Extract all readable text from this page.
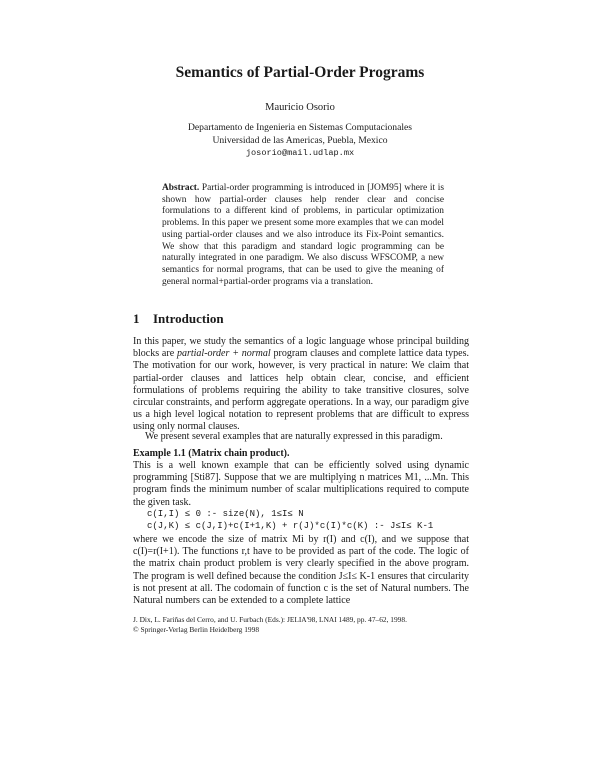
Semantics of Partial-Order Programs
Mauricio Osorio
Departamento de Ingenieria en Sistemas Computacionales
Universidad de las Americas, Puebla, Mexico
josorio@mail.udlap.mx
Abstract. Partial-order programming is introduced in [JOM95] where it is shown how partial-order clauses help render clear and concise formulations to a different kind of problems, in particular optimization problems. In this paper we present some more examples that we can model using partial-order clauses and we also introduce its Fix-Point semantics. We show that this paradigm and standard logic programming can be naturally integrated in one paradigm. We also discuss WFSCOMP, a new semantics for normal programs, that can be used to give the meaning of general normal+partial-order programs via a translation.
1 Introduction
In this paper, we study the semantics of a logic language whose principal building blocks are partial-order + normal program clauses and complete lattice data types. The motivation for our work, however, is very practical in nature: We claim that partial-order clauses and lattices help obtain clear, concise, and efficient formulations of problems requiring the ability to take transitive closures, solve circular constraints, and perform aggregate operations. In a way, our paradigm give us a high level logical notation to represent problems that are difficult to express using only normal clauses.
We present several examples that are naturally expressed in this paradigm.
Example 1.1 (Matrix chain product).
This is a well known example that can be efficiently solved using dynamic programming [Sti87]. Suppose that we are multiplying n matrices M1, ...Mn. This program finds the minimum number of scalar multiplications required to compute the given task.
c(I,I) ≤ 0 :- size(N), 1≤I≤ N
c(J,K) ≤ c(J,I)+c(I+1,K) + r(J)*c(I)*c(K) :- J≤I≤ K-1
where we encode the size of matrix Mi by r(I) and c(I), and we suppose that c(I)=r(I+1). The functions r,t have to be provided as part of the code. The logic of the matrix chain product problem is very clearly specified in the above program. The program is well defined because the condition J≤I≤ K-1 ensures that circularity is not present at all. The codomain of function c is the set of Natural numbers. The Natural numbers can be extended to a complete lattice
J. Dix, L. Fariñas del Cerro, and U. Furbach (Eds.): JELIA'98, LNAI 1489, pp. 47–62, 1998.
© Springer-Verlag Berlin Heidelberg 1998
